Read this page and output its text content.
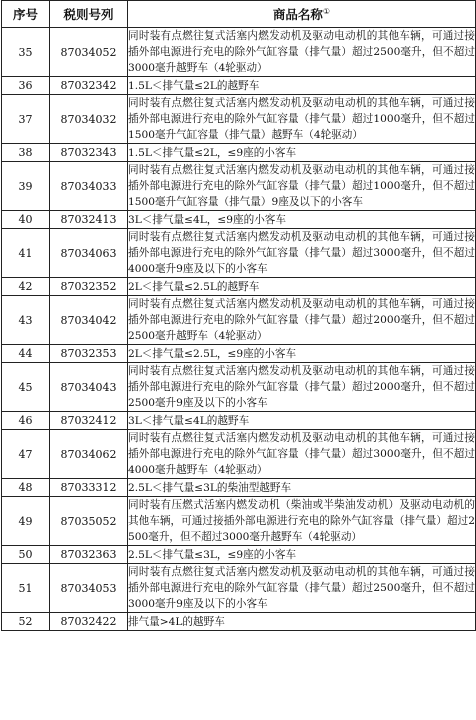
序号	税则号列	商品名称①
35	87034052	同时装有点燃往复式活塞内燃发动机及驱动电动机的其他车辆，可通过接插外部电源进行充电的除外气缸容量（排气量）超过2500毫升，但不超过3000毫升越野车（4轮驱动）
36	87032342	1.5L＜排气量≤2L的越野车
37	87034032	同时装有点燃往复式活塞内燃发动机及驱动电动机的其他车辆，可通过接插外部电源进行充电的除外气缸容量（排气量）超过1000毫升，但不超过1500毫升气缸容量（排气量）越野车（4轮驱动）
38	87032343	1.5L＜排气量≤2L，≤9座的小客车
39	87034033	同时装有点燃往复式活塞内燃发动机及驱动电动机的其他车辆，可通过接插外部电源进行充电的除外气缸容量（排气量）超过1000毫升，但不超过1500毫升气缸容量（排气量）9座及以下的小客车
40	87032413	3L＜排气量≤4L，≤9座的小客车
41	87034063	同时装有点燃往复式活塞内燃发动机及驱动电动机的其他车辆，可通过接插外部电源进行充电的除外气缸容量（排气量）超过3000毫升，但不超过4000毫升9座及以下的小客车
42	87032352	2L＜排气量≤2.5L的越野车
43	87034042	同时装有点燃往复式活塞内燃发动机及驱动电动机的其他车辆，可通过接插外部电源进行充电的除外气缸容量（排气量）超过2000毫升，但不超过2500毫升越野车（4轮驱动）
44	87032353	2L＜排气量≤2.5L，≤9座的小客车
45	87034043	同时装有点燃往复式活塞内燃发动机及驱动电动机的其他车辆，可通过接插外部电源进行充电的除外气缸容量（排气量）超过2000毫升，但不超过2500毫升9座及以下的小客车
46	87032412	3L＜排气量≤4L的越野车
47	87034062	同时装有点燃往复式活塞内燃发动机及驱动电动机的其他车辆，可通过接插外部电源进行充电的除外气缸容量（排气量）超过3000毫升，但不超过4000毫升越野车（4轮驱动）
48	87033312	2.5L＜排气量≤3L的柴油型越野车
49	87035052	同时装有压燃式活塞内燃发动机（柴油或半柴油发动机）及驱动电动机的其他车辆，可通过接插外部电源进行充电的除外气缸容量（排气量）超过2500毫升，但不超过3000毫升越野车（4轮驱动）
50	87032363	2.5L＜排气量≤3L，≤9座的小客车
51	87034053	同时装有点燃往复式活塞内燃发动机及驱动电动机的其他车辆，可通过接插外部电源进行充电的除外气缸容量（排气量）超过2500毫升，但不超过3000毫升9座及以下的小客车
52	87032422	排气量>4L的越野车
